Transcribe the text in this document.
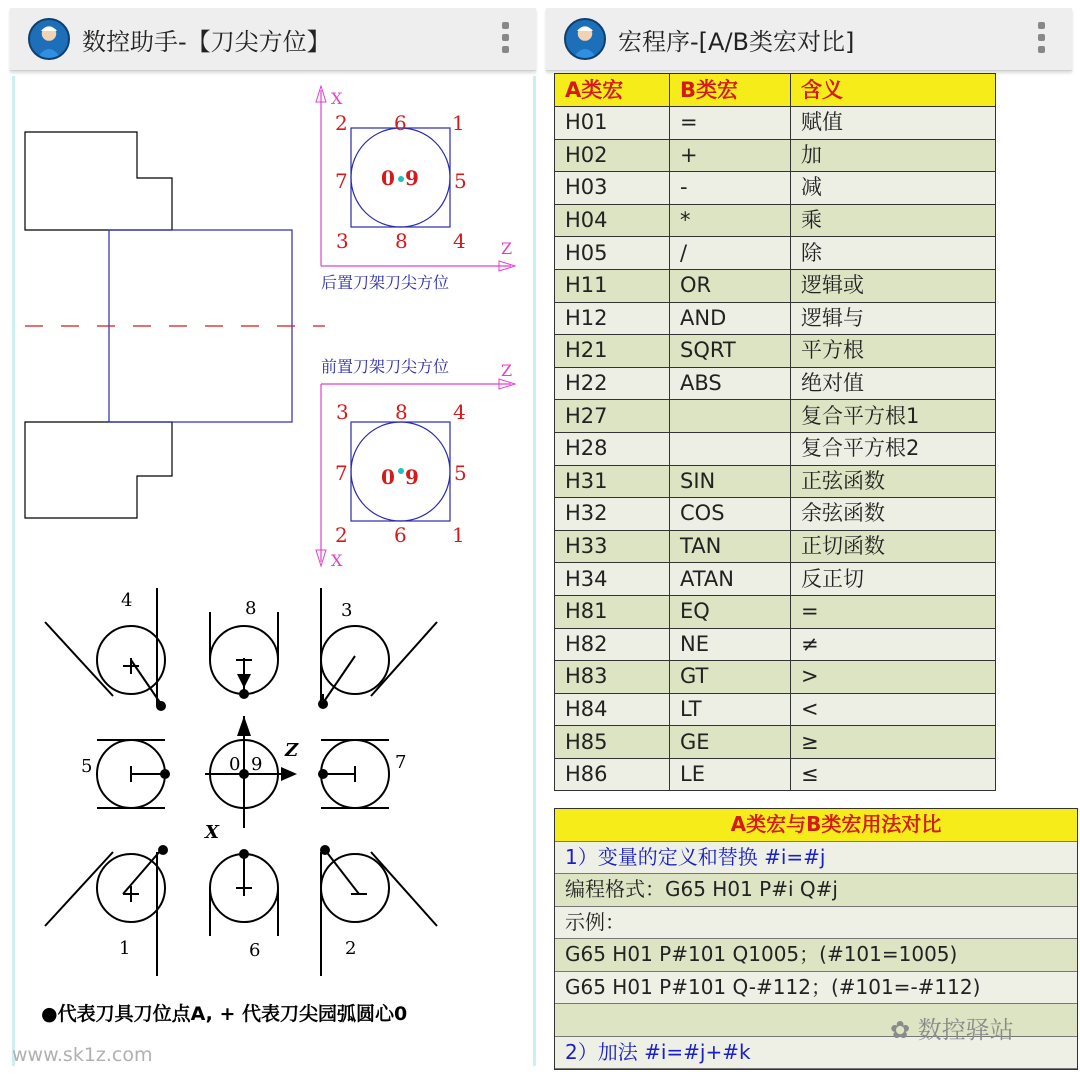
数控助手-【刀尖方位】
X
Z
2 6 1
7 0 9 5
3 8 4
后置刀架刀尖方位
前置刀架刀尖方位
X
Z
3 8 4
7 0 9 5
2 6 1
4	8	3
5	0 9	7
1	6	2
Z
X
●代表刀具刀位点A, + 代表刀尖园弧圆心0
宏程序-[A/B类宏对比]
A类宏	B类宏	含义
H01	=	赋值
H02	+	加
H03	-	减
H04	*	乘
H05	/	除
H11	OR	逻辑或
H12	AND	逻辑与
H21	SQRT	平方根
H22	ABS	绝对值
H27		复合平方根1
H28		复合平方根2
H31	SIN	正弦函数
H32	COS	余弦函数
H33	TAN	正切函数
H34	ATAN	反正切
H81	EQ	=
H82	NE	≠
H83	GT	>
H84	LT	<
H85	GE	≥
H86	LE	≤
A类宏与B类宏用法对比
1）变量的定义和替换 #i=#j
编程格式：G65 H01 P#i Q#j
示例：
G65 H01 P#101 Q1005；(#101=1005)
G65 H01 P#101 Q-#112；(#101=-#112)
2）加法 #i=#j+#k
www.sk1z.com
✿ 数控驿站
